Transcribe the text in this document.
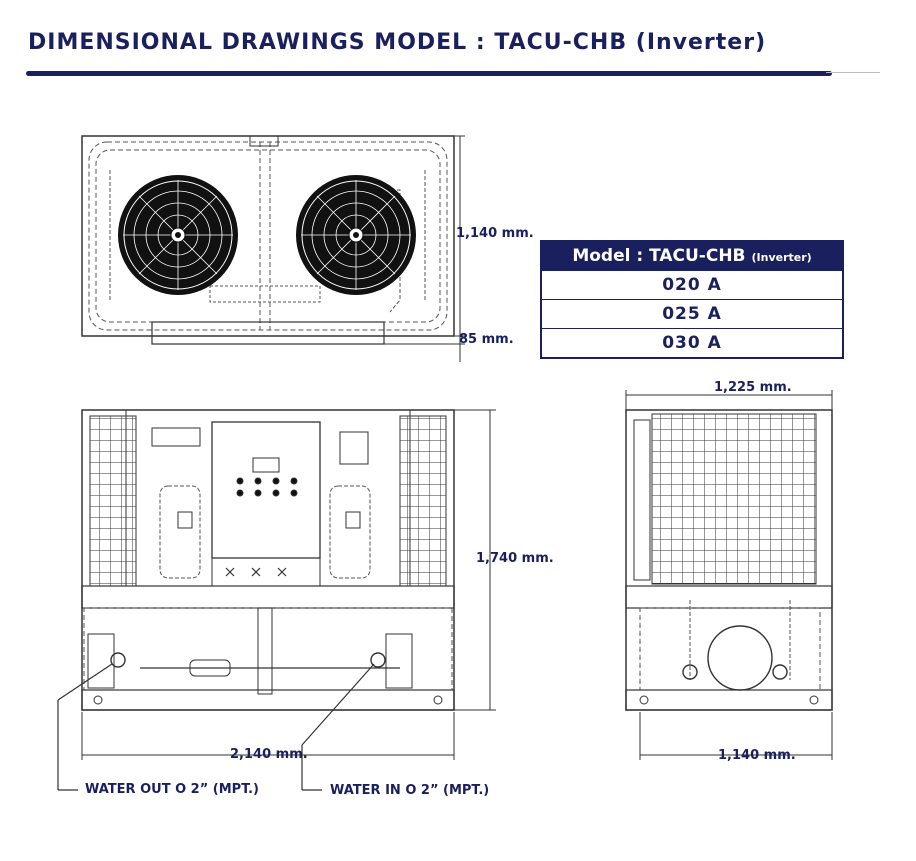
DIMENSIONAL DRAWINGS MODEL : TACU-CHB (Inverter)
1,140 mm.
85 mm.
1,740 mm.
2,140 mm.
1,225 mm.
1,140 mm.
Model : TACU-CHB (Inverter)
020 A
025 A
030 A
WATER OUT O 2” (MPT.)	WATER IN O 2” (MPT.)
